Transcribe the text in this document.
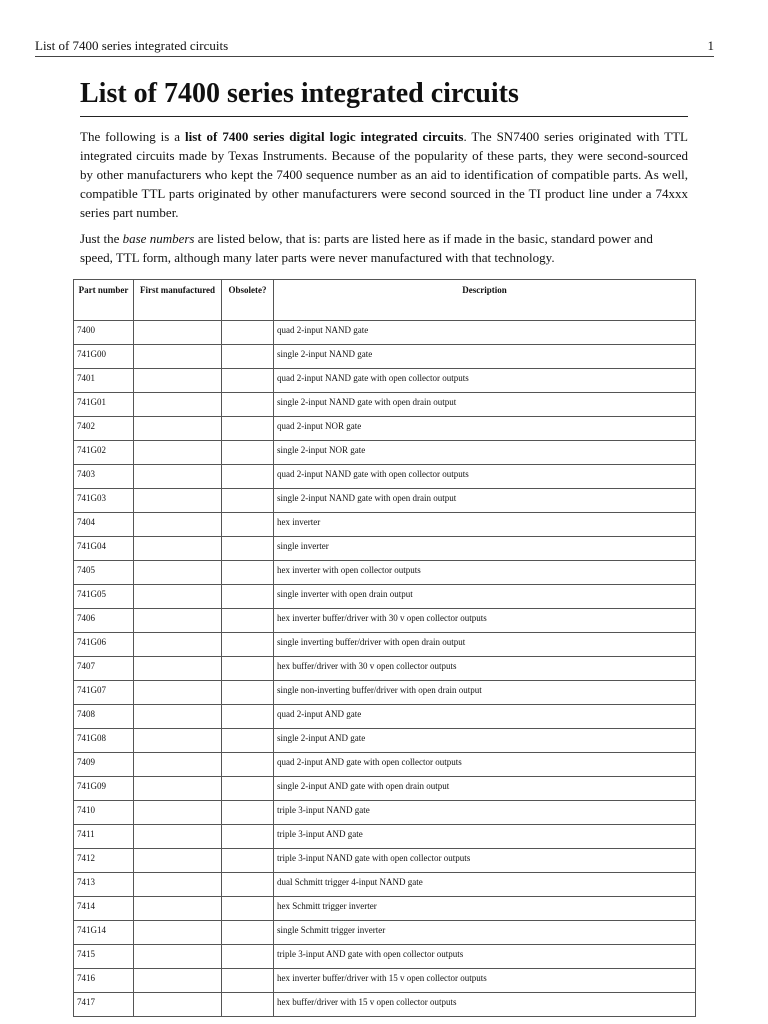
List of 7400 series integrated circuits	1
List of 7400 series integrated circuits

The following is a list of 7400 series digital logic integrated circuits. The SN7400 series originated with TTL integrated circuits made by Texas Instruments. Because of the popularity of these parts, they were second-sourced by other manufacturers who kept the 7400 sequence number as an aid to identification of compatible parts. As well, compatible TTL parts originated by other manufacturers were second sourced in the TI product line under a 74xxx series part number.

Just the base numbers are listed below, that is: parts are listed here as if made in the basic, standard power and speed, TTL form, although many later parts were never manufactured with that technology.

Part number	First manufactured	Obsolete?	Description
7400			quad 2-input NAND gate
741G00			single 2-input NAND gate
7401			quad 2-input NAND gate with open collector outputs
741G01			single 2-input NAND gate with open drain output
7402			quad 2-input NOR gate
741G02			single 2-input NOR gate
7403			quad 2-input NAND gate with open collector outputs
741G03			single 2-input NAND gate with open drain output
7404			hex inverter
741G04			single inverter
7405			hex inverter with open collector outputs
741G05			single inverter with open drain output
7406			hex inverter buffer/driver with 30 v open collector outputs
741G06			single inverting buffer/driver with open drain output
7407			hex buffer/driver with 30 v open collector outputs
741G07			single non-inverting buffer/driver with open drain output
7408			quad 2-input AND gate
741G08			single 2-input AND gate
7409			quad 2-input AND gate with open collector outputs
741G09			single 2-input AND gate with open drain output
7410			triple 3-input NAND gate
7411			triple 3-input AND gate
7412			triple 3-input NAND gate with open collector outputs
7413			dual Schmitt trigger 4-input NAND gate
7414			hex Schmitt trigger inverter
741G14			single Schmitt trigger inverter
7415			triple 3-input AND gate with open collector outputs
7416			hex inverter buffer/driver with 15 v open collector outputs
7417			hex buffer/driver with 15 v open collector outputs
